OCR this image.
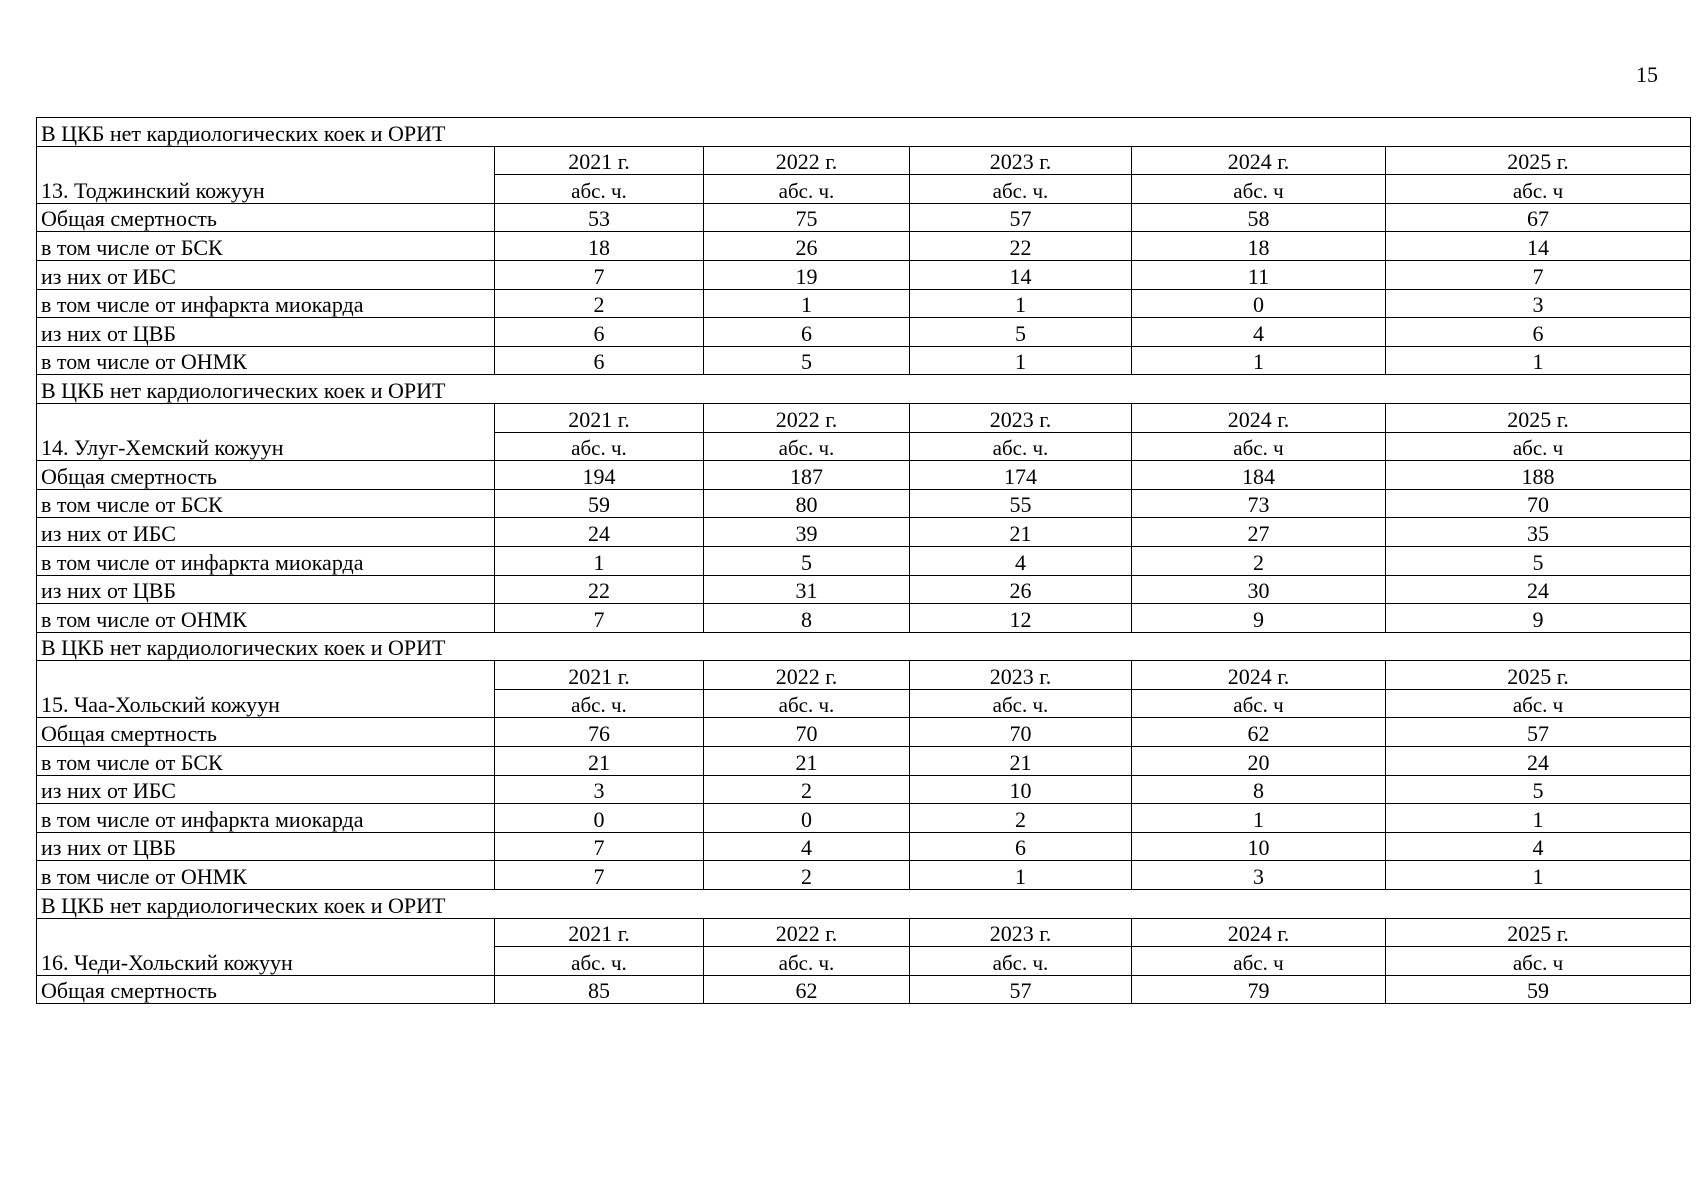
15
В ЦКБ нет кардиологических коек и ОРИТ					
13. Тоджинский кожуун	2021 г.	2022 г.	2023 г.	2024 г.	2025 г.
	абс. ч.	абс. ч.	абс. ч.	абс. ч	абс. ч
Общая смертность	53	75	57	58	67
в том числе от БСК	18	26	22	18	14
из них от ИБС	7	19	14	11	7
в том числе от инфаркта миокарда	2	1	1	0	3
из них от ЦВБ	6	6	5	4	6
в том числе от ОНМК	6	5	1	1	1
В ЦКБ нет кардиологических коек и ОРИТ					
14. Улуг-Хемский кожуун	2021 г.	2022 г.	2023 г.	2024 г.	2025 г.
	абс. ч.	абс. ч.	абс. ч.	абс. ч	абс. ч
Общая смертность	194	187	174	184	188
в том числе от БСК	59	80	55	73	70
из них от ИБС	24	39	21	27	35
в том числе от инфаркта миокарда	1	5	4	2	5
из них от ЦВБ	22	31	26	30	24
в том числе от ОНМК	7	8	12	9	9
В ЦКБ нет кардиологических коек и ОРИТ					
15. Чаа-Хольский кожуун	2021 г.	2022 г.	2023 г.	2024 г.	2025 г.
	абс. ч.	абс. ч.	абс. ч.	абс. ч	абс. ч
Общая смертность	76	70	70	62	57
в том числе от БСК	21	21	21	20	24
из них от ИБС	3	2	10	8	5
в том числе от инфаркта миокарда	0	0	2	1	1
из них от ЦВБ	7	4	6	10	4
в том числе от ОНМК	7	2	1	3	1
В ЦКБ нет кардиологических коек и ОРИТ					
16. Чеди-Хольский кожуун	2021 г.	2022 г.	2023 г.	2024 г.	2025 г.
	абс. ч.	абс. ч.	абс. ч.	абс. ч	абс. ч
Общая смертность	85	62	57	79	59
